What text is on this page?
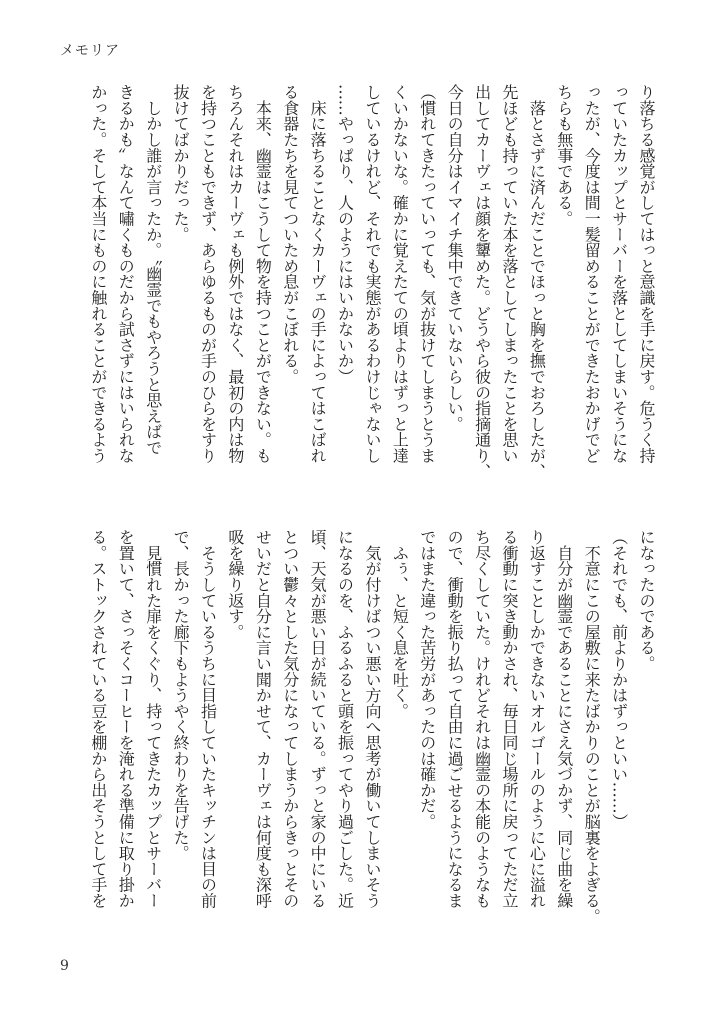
メモリア
り落ちる感覚がしてはっと意識を手に戻す。危うく持
っていたカップとサーバーを落としてしまいそうにな
ったが、今度は間一髪留めることができたおかげでど
ちらも無事である。
　落とさずに済んだことでほっと胸を撫でおろしたが、
先ほども持っていた本を落としてしまったことを思い
出してカーヴェは顔を顰めた。どうやら彼の指摘通り、
今日の自分はイマイチ集中できていないらしい。
（慣れてきたっていっても、気が抜けてしまうとうま
くいかないな。確かに覚えたての頃よりはずっと上達
しているけれど、それでも実態があるわけじゃないし
……やっぱり、人のようにはいかないか）
　床に落ちることなくカーヴェの手によってはこばれ
る食器たちを見てついため息がこぼれる。
　本来、幽霊はこうして物を持つことができない。も
ちろんそれはカーヴェも例外ではなく、最初の内は物
を持つこともできず、あらゆるものが手のひらをすり
抜けてばかりだった。
　しかし誰が言ったか。〝幽霊でもやろうと思えばで
きるかも〟なんて嘯くものだから試さずにはいられな
かった。そして本当にものに触れることができるよう
になったのである。
（それでも、前よりかはずっといい……）
　不意にこの屋敷に来たばかりのことが脳裏をよぎる。
　自分が幽霊であることにさえ気づかず、同じ曲を繰
り返すことしかできないオルゴールのように心に溢れ
る衝動に突き動かされ、毎日同じ場所に戻ってただ立
ち尽くしていた。けれどそれは幽霊の本能のようなも
ので、衝動を振り払って自由に過ごせるようになるま
ではまた違った苦労があったのは確かだ。
　ふぅ、と短く息を吐く。
　気が付けばつい悪い方向へ思考が働いてしまいそう
になるのを、ふるふると頭を振ってやり過ごした。近
頃、天気が悪い日が続いている。ずっと家の中にいる
とつい鬱々とした気分になってしまうからきっとその
せいだと自分に言い聞かせて、カーヴェは何度も深呼
吸を繰り返す。
　そうしているうちに目指していたキッチンは目の前
で、長かった廊下もようやく終わりを告げた。
　見慣れた扉をくぐり、持ってきたカップとサーバー
を置いて、さっそくコーヒーを淹れる準備に取り掛か
る。ストックされている豆を棚から出そうとして手を
9
